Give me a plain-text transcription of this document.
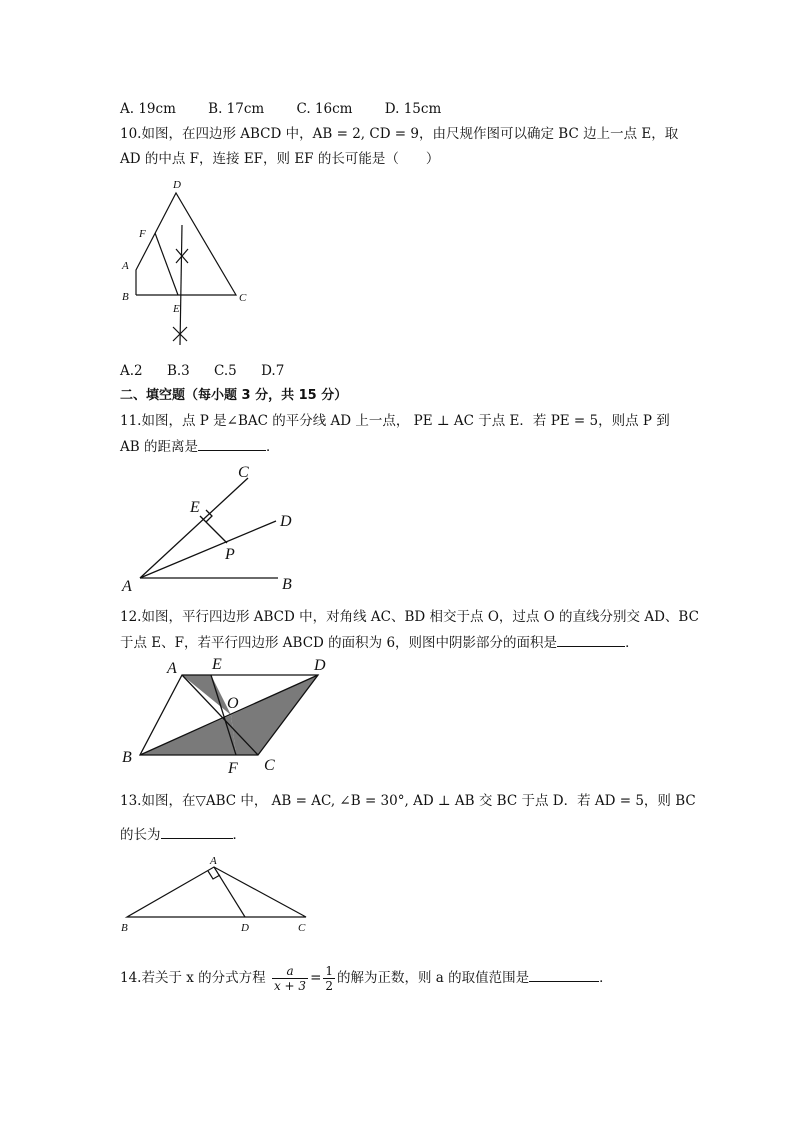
A. 19cm B. 17cm C. 16cm D. 15cm
10.如图，在四边形 ABCD 中，AB = 2, CD = 9，由尺规作图可以确定 BC 边上一点 E，取
AD 的中点 F，连接 EF，则 EF 的长可能是（　　）
D
F
A
B
E
C
A.2 B.3 C.5 D.7
二、填空题（每小题 3 分，共 15 分）
11.如图，点 P 是∠BAC 的平分线 AD 上一点， PE ⊥ AC 于点 E．若 PE = 5，则点 P 到
AB 的距离是	．
C
E
D
P
A	B
12.如图，平行四边形 ABCD 中，对角线 AC、BD 相交于点 O，过点 O 的直线分别交 AD、BC
于点 E、F，若平行四边形 ABCD 的面积为 6，则图中阴影部分的面积是	．
A E	D
O
B
F C
13.如图，在▽ABC 中， AB = AC, ∠B = 30°, AD ⊥ AB 交 BC 于点 D．若 AD = 5，则 BC
的长为	．
A
B	D	C
14.若关于 x 的分式方程 $\frac{a}{x + 3} = \frac{1}{2}$ 的解为正数，则 a 的取值范围是	．
